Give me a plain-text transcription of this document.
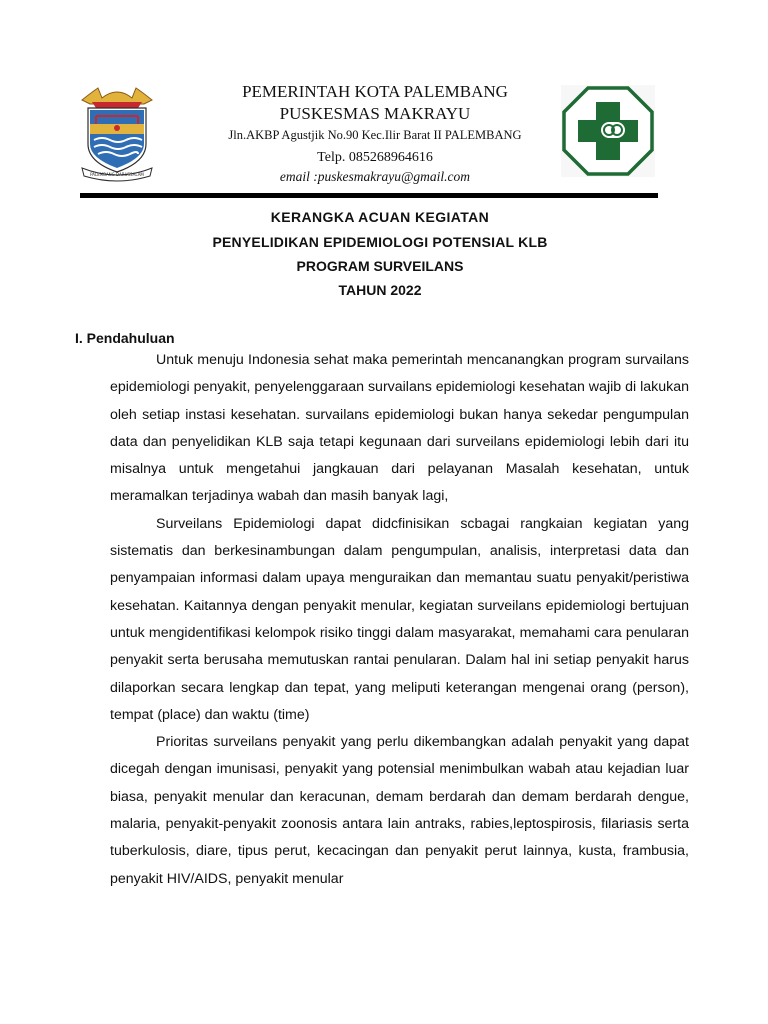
PALEMBANG DARUSSALAM
PEMERINTAH KOTA PALEMBANG
PUSKESMAS MAKRAYU
Jln.AKBP Agustjik No.90 Kec.Ilir Barat II PALEMBANG
Telp. 085268964616
email :puskesmakrayu@gmail.com
KERANGKA ACUAN KEGIATAN
PENYELIDIKAN EPIDEMIOLOGI POTENSIAL KLB
PROGRAM SURVEILANS
TAHUN 2022
I. Pendahuluan

Untuk menuju Indonesia sehat maka pemerintah mencanangkan program survailans epidemiologi penyakit, penyelenggaraan survailans epidemiologi kesehatan wajib di lakukan oleh setiap instasi kesehatan. survailans epidemiologi bukan hanya sekedar pengumpulan data dan penyelidikan KLB saja tetapi kegunaan dari surveilans epidemiologi lebih dari itu misalnya untuk mengetahui jangkauan dari pelayanan Masalah kesehatan, untuk meramalkan terjadinya wabah dan masih banyak lagi,

Surveilans Epidemiologi dapat didcfinisikan scbagai rangkaian kegiatan yang sistematis dan berkesinambungan dalam pengumpulan, analisis, interpretasi data dan penyampaian informasi dalam upaya menguraikan dan memantau suatu penyakit/peristiwa kesehatan. Kaitannya dengan penyakit menular, kegiatan surveilans epidemiologi bertujuan untuk mengidentifikasi kelompok risiko tinggi dalam masyarakat, memahami cara penularan penyakit serta berusaha memutuskan rantai penularan. Dalam hal ini setiap penyakit harus dilaporkan secara lengkap dan tepat, yang meliputi keterangan mengenai orang (person), tempat (place) dan waktu (time)

Prioritas surveilans penyakit yang perlu dikembangkan adalah penyakit yang dapat dicegah dengan imunisasi, penyakit yang potensial menimbulkan wabah atau kejadian luar biasa, penyakit menular dan keracunan, demam berdarah dan demam berdarah dengue, malaria, penyakit-penyakit zoonosis antara lain antraks, rabies,leptospirosis, filariasis serta tuberkulosis, diare, tipus perut, kecacingan dan penyakit perut lainnya, kusta, frambusia, penyakit HIV/AIDS, penyakit menular
